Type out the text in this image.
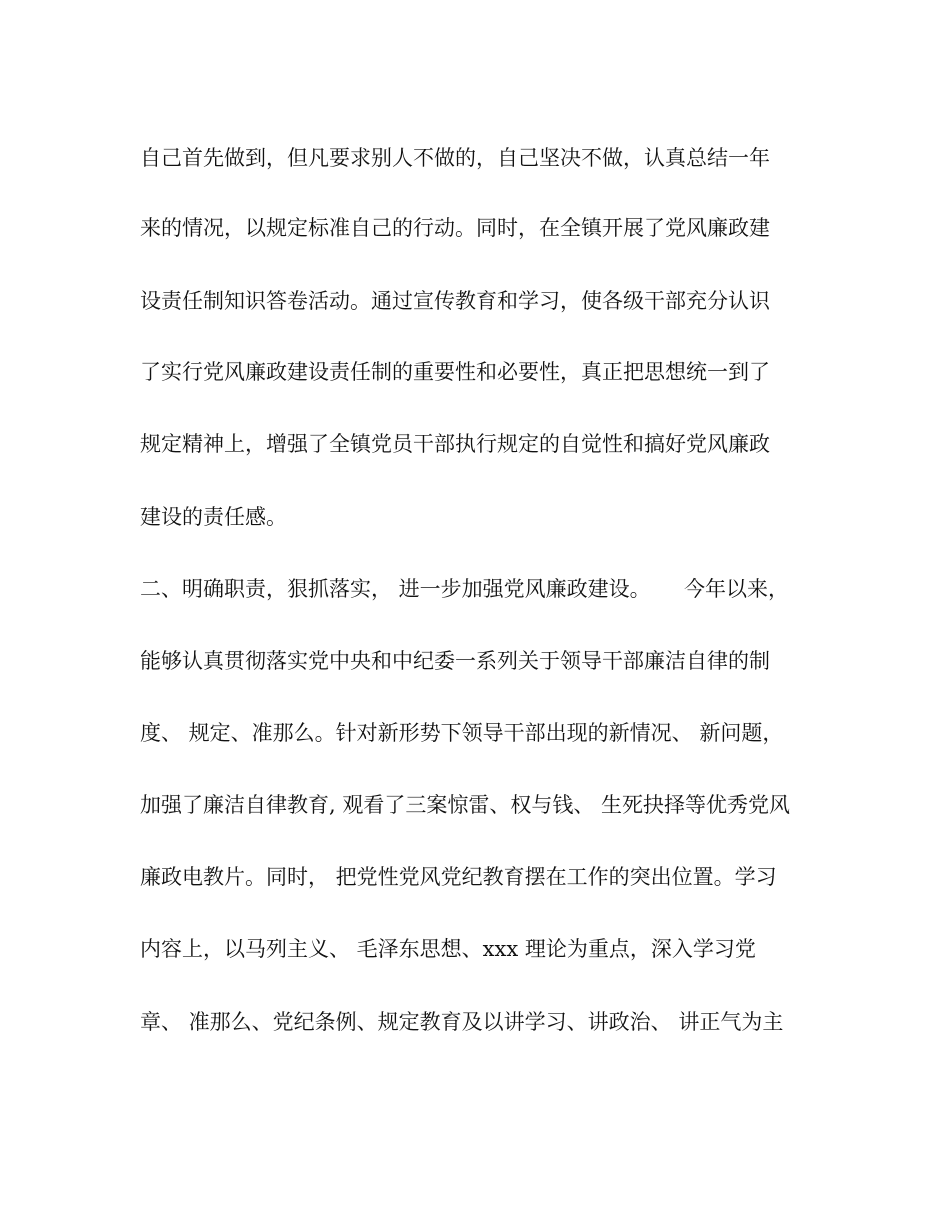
自己首先做到，但凡要求别人不做的，自己坚决不做，认真总结一年
来的情况，以规定标准自己的行动。同时，在全镇开展了党风廉政建
设责任制知识答卷活动。通过宣传教育和学习，使各级干部充分认识
了实行党风廉政建设责任制的重要性和必要性，真正把思想统一到了
规定精神上，增强了全镇党员干部执行规定的自觉性和搞好党风廉政
建设的责任感。
二、明确职责，狠抓落实， 进一步加强党风廉政建设。     今年以来，
能够认真贯彻落实党中央和中纪委一系列关于领导干部廉洁自律的制
度、 规定、准那么。针对新形势下领导干部出现的新情况、 新问题，
加强了廉洁自律教育, 观看了三案惊雷、权与钱、 生死抉择等优秀党风
廉政电教片。同时， 把党性党风党纪教育摆在工作的突出位置。学习
内容上，以马列主义、 毛泽东思想、xxx 理论为重点，深入学习党
章、 准那么、党纪条例、规定教育及以讲学习、讲政治、 讲正气为主
